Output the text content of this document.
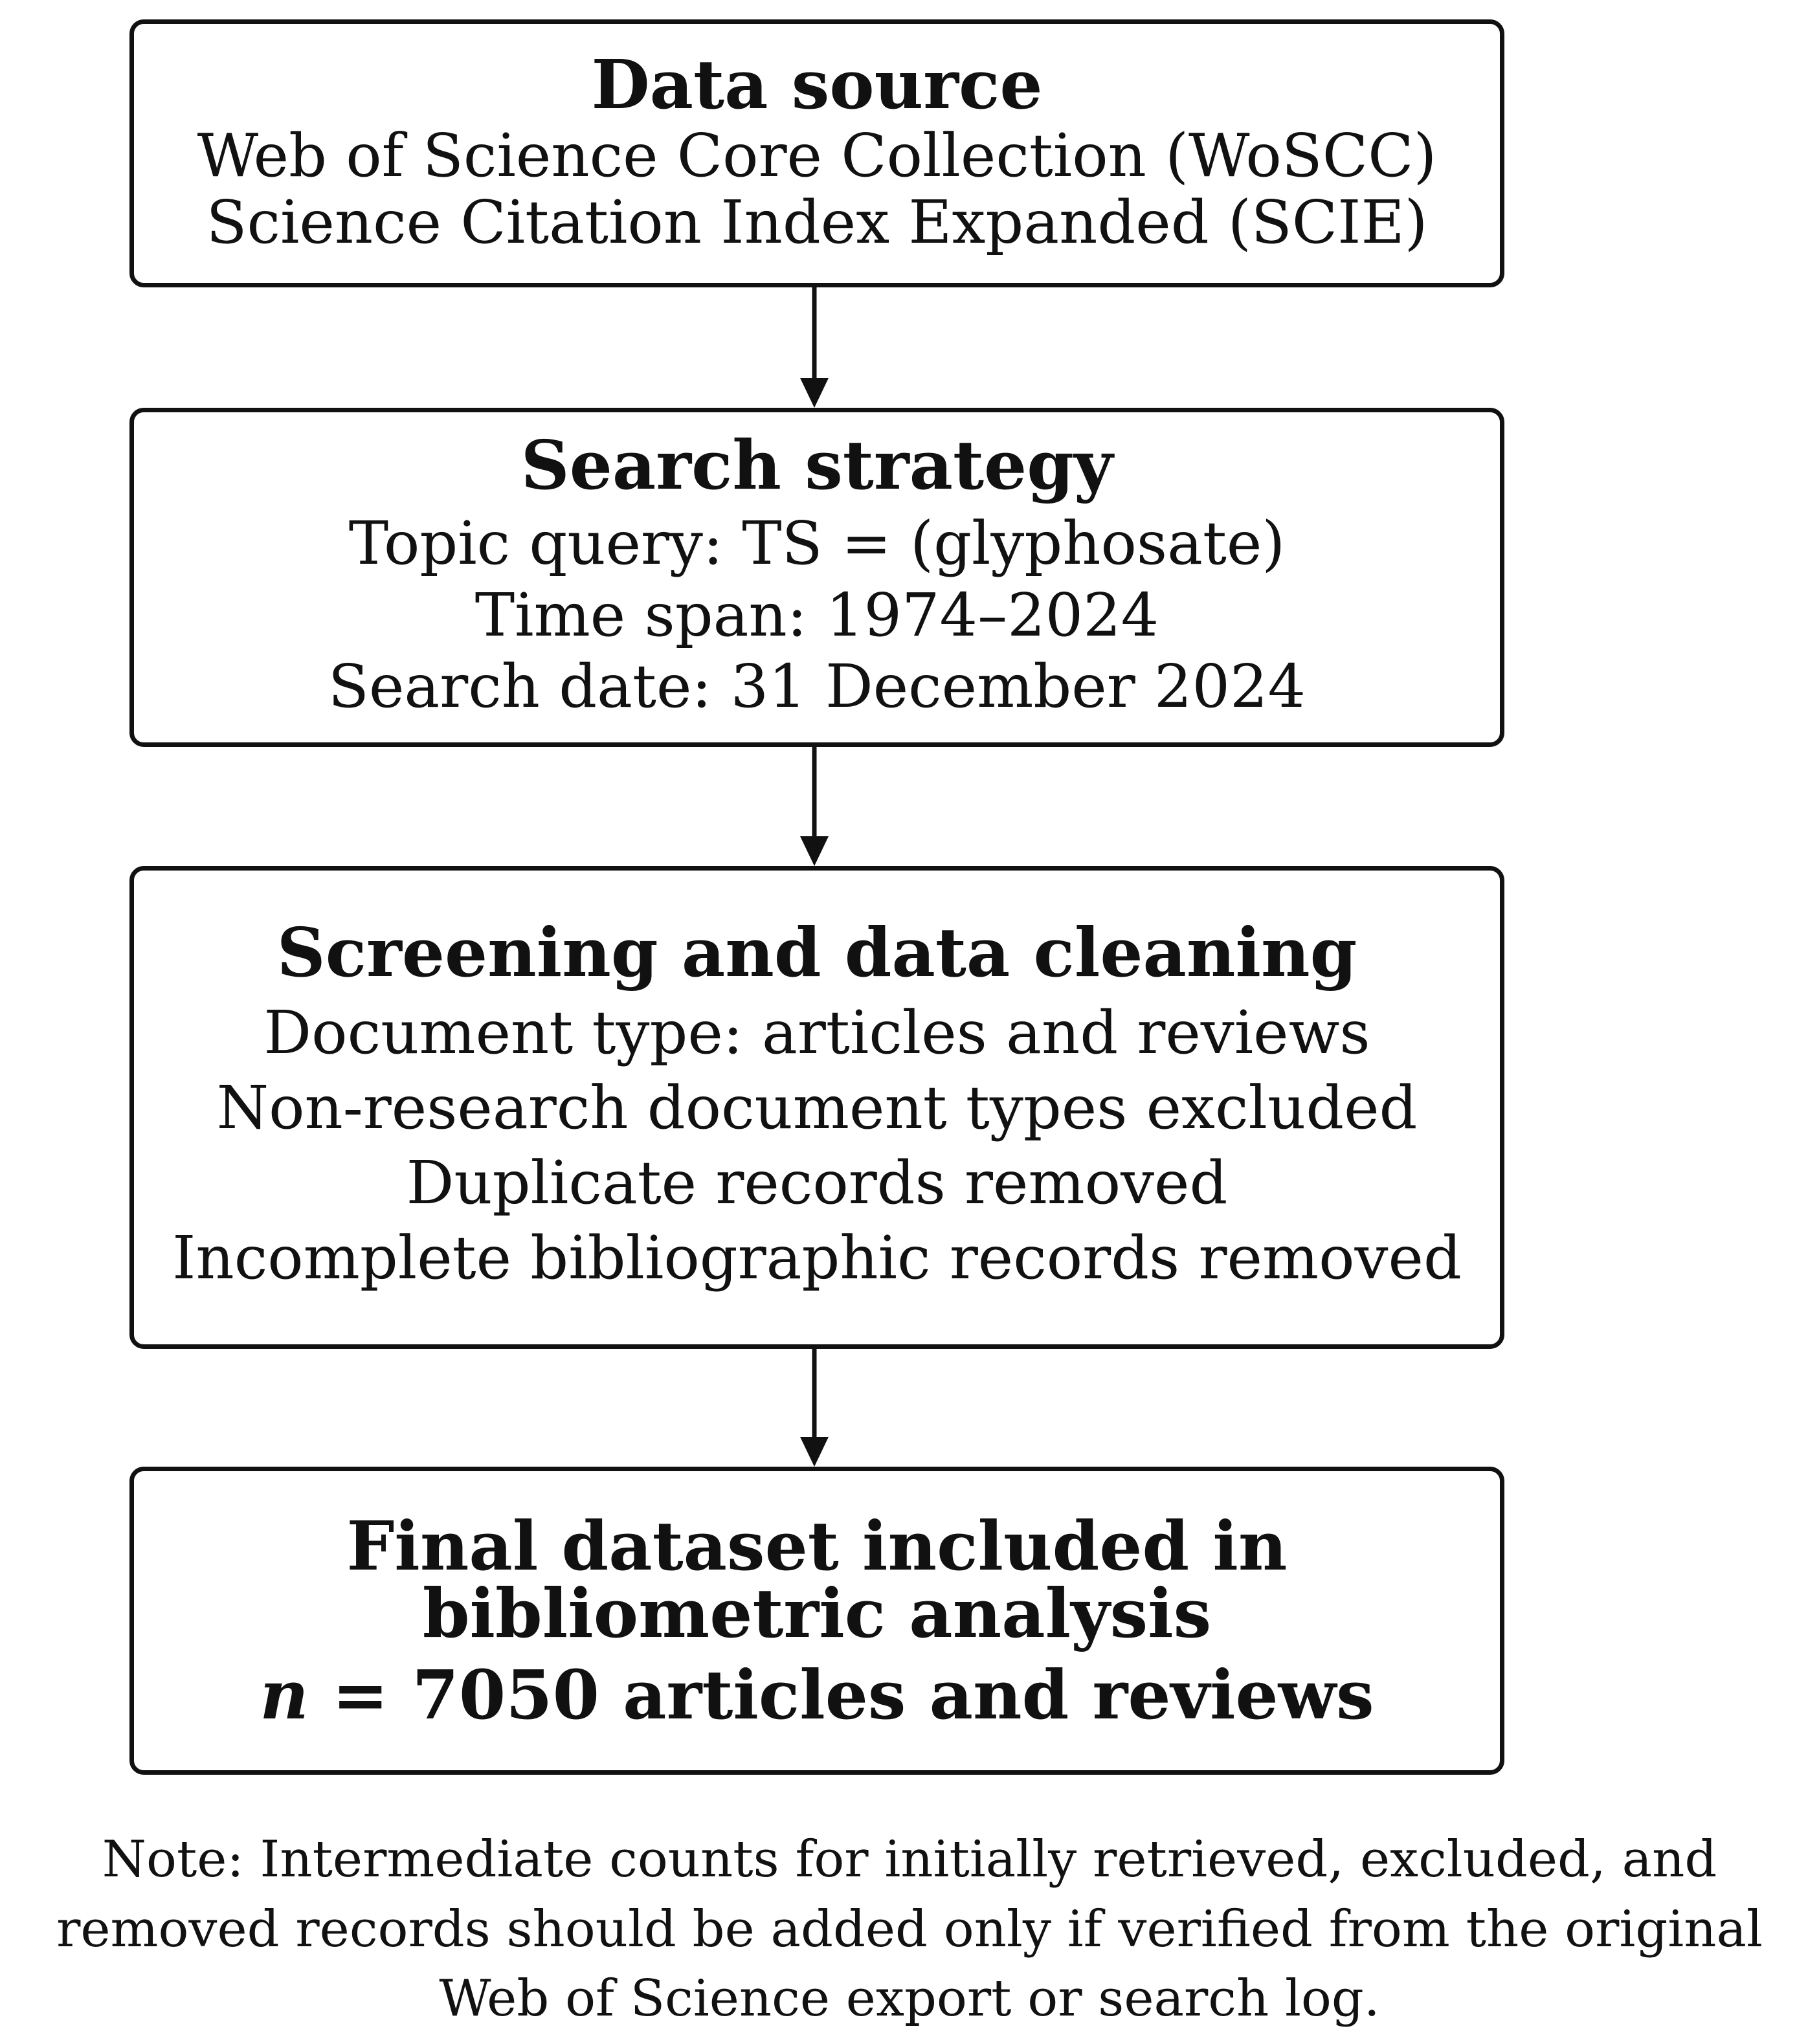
Data source
Web of Science Core Collection (WoSCC)
Science Citation Index Expanded (SCIE)
Search strategy
Topic query: TS = (glyphosate)
Time span: 1974–2024
Search date: 31 December 2024
Screening and data cleaning
Document type: articles and reviews
Non-research document types excluded
Duplicate records removed
Incomplete bibliographic records removed
Final dataset included in
bibliometric analysis
n = 7050 articles and reviews
Note: Intermediate counts for initially retrieved, excluded, and removed records should be added only if verified from the original Web of Science export or search log.
